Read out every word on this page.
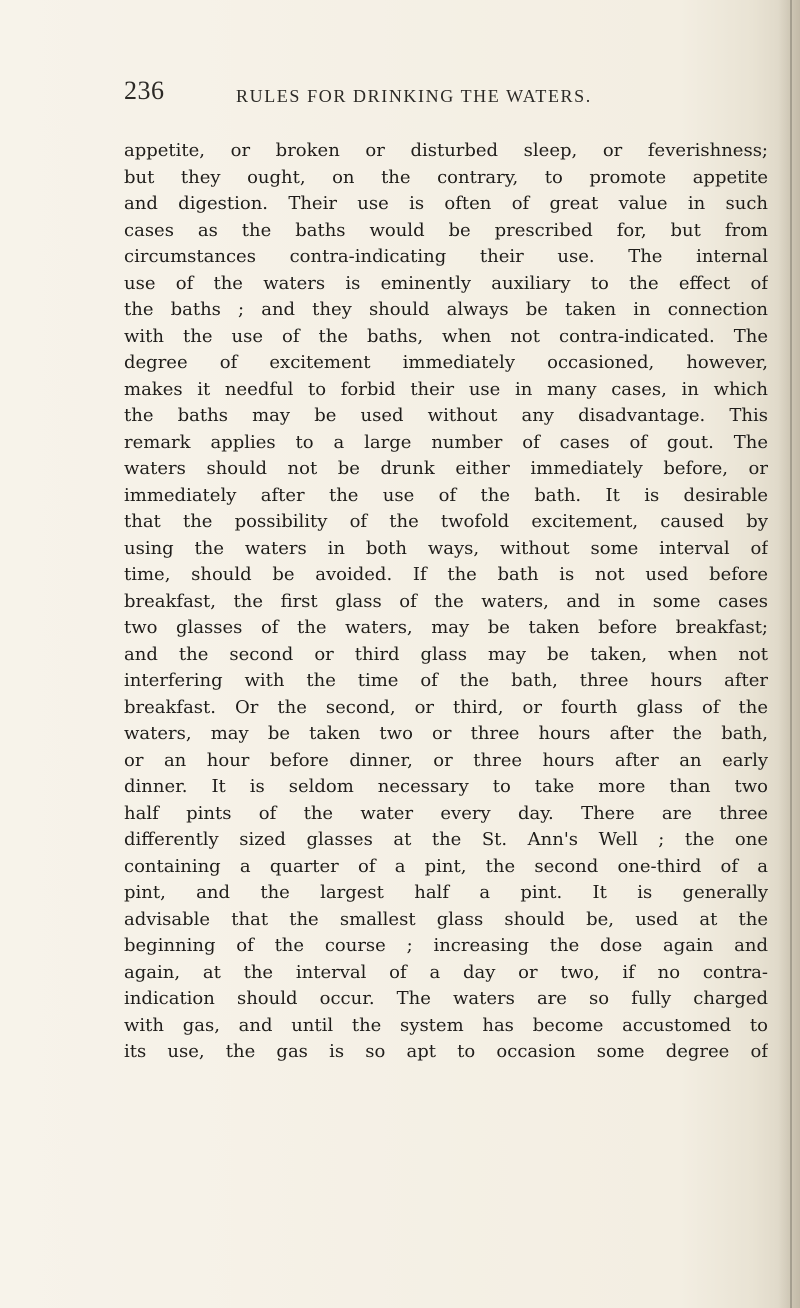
236	RULES FOR DRINKING THE WATERS.
appetite, or broken or disturbed sleep, or feverishness;
but they ought, on the contrary, to promote appetite
and digestion. Their use is often of great value in such
cases as the baths would be prescribed for, but from
circumstances contra-indicating their use. The internal
use of the waters is eminently auxiliary to the effect of
the baths ; and they should always be taken in connection
with the use of the baths, when not contra-indicated. The
degree of excitement immediately occasioned, however,
makes it needful to forbid their use in many cases, in which
the baths may be used without any disadvantage. This
remark applies to a large number of cases of gout. The
waters should not be drunk either immediately before, or
immediately after the use of the bath. It is desirable
that the possibility of the twofold excitement, caused by
using the waters in both ways, without some interval of
time, should be avoided. If the bath is not used before
breakfast, the first glass of the waters, and in some cases
two glasses of the waters, may be taken before breakfast;
and the second or third glass may be taken, when not
interfering with the time of the bath, three hours after
breakfast. Or the second, or third, or fourth glass of the
waters, may be taken two or three hours after the bath,
or an hour before dinner, or three hours after an early
dinner. It is seldom necessary to take more than two
half pints of the water every day. There are three
differently sized glasses at the St. Ann's Well ; the one
containing a quarter of a pint, the second one-third of a
pint, and the largest half a pint. It is generally
advisable that the smallest glass should be, used at the
beginning of the course ; increasing the dose again and
again, at the interval of a day or two, if no contra-
indication should occur. The waters are so fully charged
with gas, and until the system has become accustomed to
its use, the gas is so apt to occasion some degree of
